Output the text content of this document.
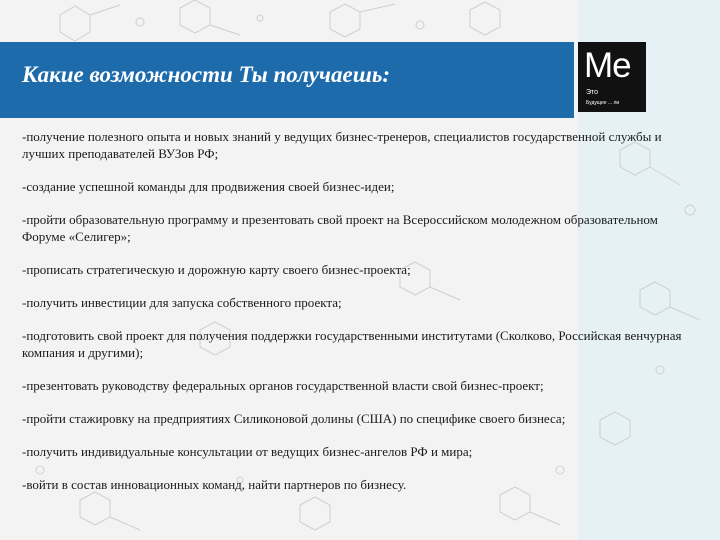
Какие возможности Ты получаешь:	Me
Это
Будущее ... ли

-получение полезного опыта и новых знаний у ведущих бизнес-тренеров, специалистов государственной службы и лучших преподавателей ВУЗов РФ;

-создание успешной команды для продвижения своей бизнес-идеи;

-пройти образовательную программу и презентовать свой проект на Всероссийском молодежном образовательном Форуме «Селигер»;

-прописать стратегическую и дорожную карту своего бизнес-проекта;

-получить инвестиции для запуска собственного проекта;

-подготовить свой проект для получения поддержки государственными институтами (Сколково, Российская венчурная компания и другими);

-презентовать руководству федеральных органов государственной власти свой бизнес-проект;

-пройти стажировку на предприятиях Силиконовой долины (США) по специфике своего бизнеса;

-получить индивидуальные консультации от ведущих бизнес-ангелов РФ и мира;

-войти в состав инновационных команд, найти партнеров по бизнесу.
